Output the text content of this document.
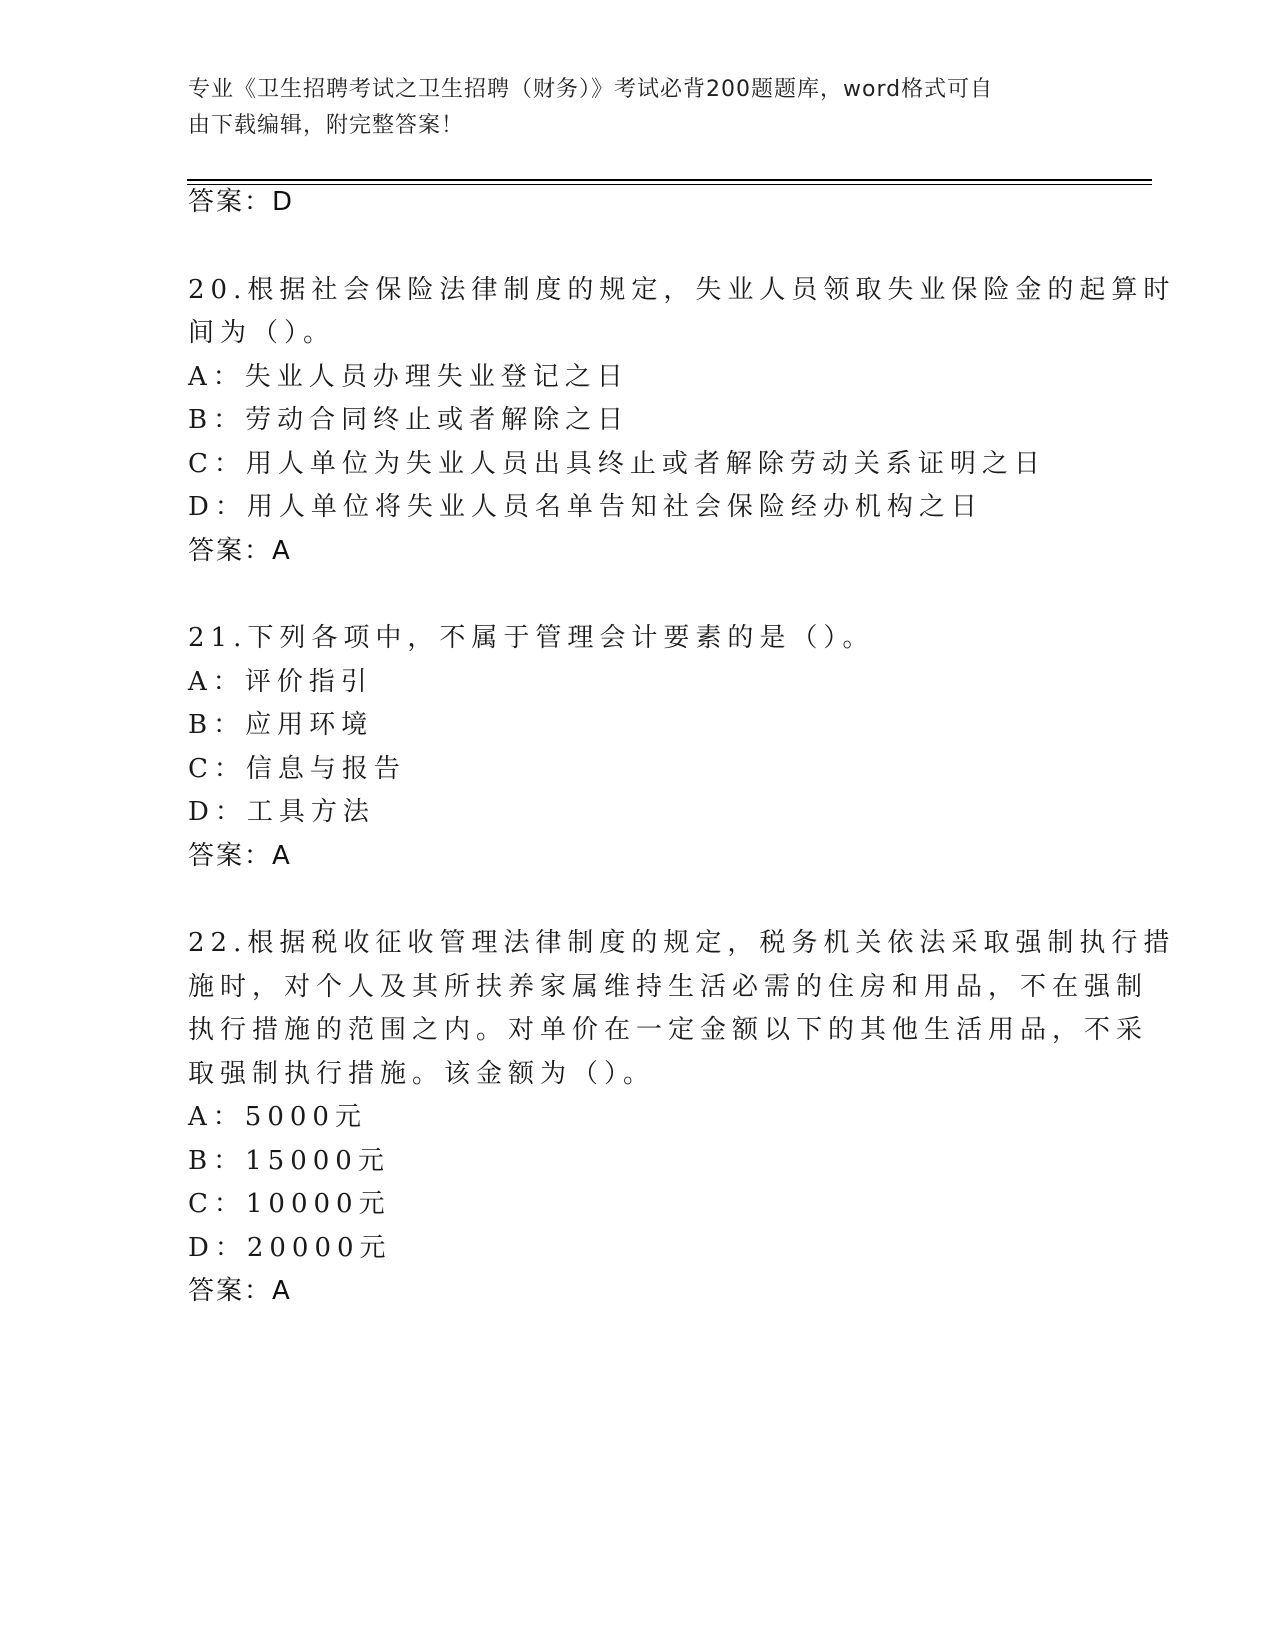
专业《卫生招聘考试之卫生招聘（财务）》考试必背200题题库，word格式可自
由下载编辑，附完整答案！
答案：D
20.根据社会保险法律制度的规定，失业人员领取失业保险金的起算时
间为（）。
A：失业人员办理失业登记之日
B：劳动合同终止或者解除之日
C：用人单位为失业人员出具终止或者解除劳动关系证明之日
D：用人单位将失业人员名单告知社会保险经办机构之日
答案：A
21.下列各项中，不属于管理会计要素的是（）。
A：评价指引
B：应用环境
C：信息与报告
D：工具方法
答案：A
22.根据税收征收管理法律制度的规定，税务机关依法采取强制执行措
施时，对个人及其所扶养家属维持生活必需的住房和用品，不在强制
执行措施的范围之内。对单价在一定金额以下的其他生活用品，不采
取强制执行措施。该金额为（）。
A：5000元
B：15000元
C：10000元
D：20000元
答案：A
